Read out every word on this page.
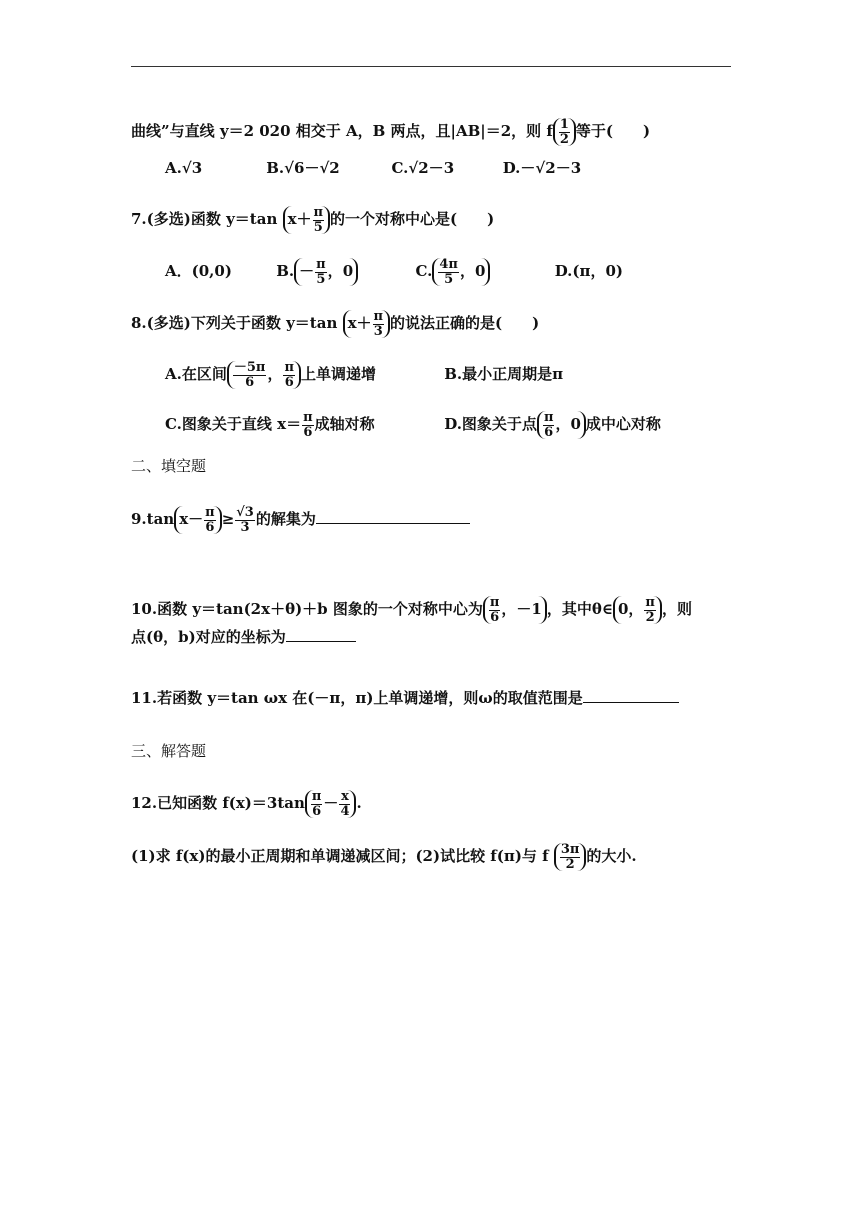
曲线”与直线 y＝2 020 相交于 A，B 两点，且|AB|＝2，则 f $\frac{1}{2}$ 等于(　　)
A.√3	B.√6－√2	C.√2－3	D.－√2－3
7.(多选)函数 y＝tan $x+ \frac{\pi}{5}$ 的一个对称中心是(　　)
A．(0,0)	B. － $\frac{\pi}{5}$ ，0	C. $\frac{4\pi}{5}$ ，0	D.(π，0)
8.(多选)下列关于函数 y＝tan $x+ \frac{\pi}{3}$ 的说法正确的是(　　)
A.在区间 $\frac{-5\pi}{6}$ ， $\frac{\pi}{6}$ 上单调递增	B.最小正周期是π
C.图象关于直线 $x= \frac{\pi}{6}$ 成轴对称	D.图象关于点 $\frac{\pi}{6}$ ，0 成中心对称
二、填空题
9.tan $x- \frac{\pi}{6} \ge \frac{√3}{3}$ 的解集为
10.函数 y＝tan(2x＋θ)＋b 图象的一个对称中心为 $\frac{\pi}{6}$ ，－1 ，其中θ∈ 0， $\frac{\pi}{2}$ ，则
点(θ，b)对应的坐标为
11.若函数 y＝tan ωx 在(－π，π)上单调递增，则ω的取值范围是
三、解答题
12.已知函数 $f(x)=3\tan \frac{\pi}{6} - \frac{x}{4}$ .
(1)求 f(x)的最小正周期和单调递减区间；(2)试比较 f(π)与 f $\frac{3\pi}{2}$ 的大小.
